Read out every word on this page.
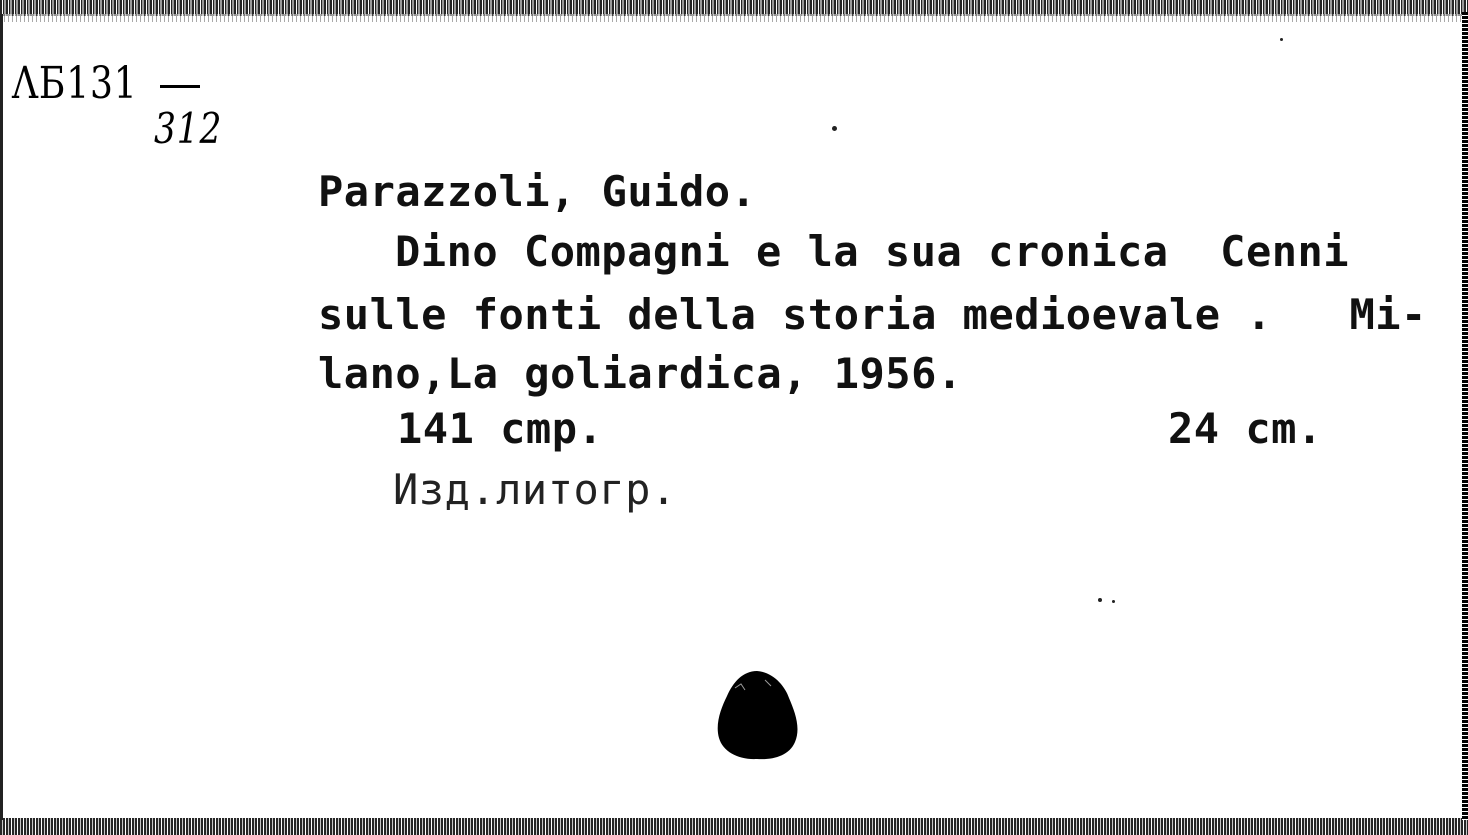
ΛБ131
312
Parazzoli, Guido.
Dino Compagni e la sua cronica  Cenni
sulle fonti della storia medioevale .   Mi-
lano,La goliardica, 1956.
141 cmp.	24 cm.
Изд.литогр.
